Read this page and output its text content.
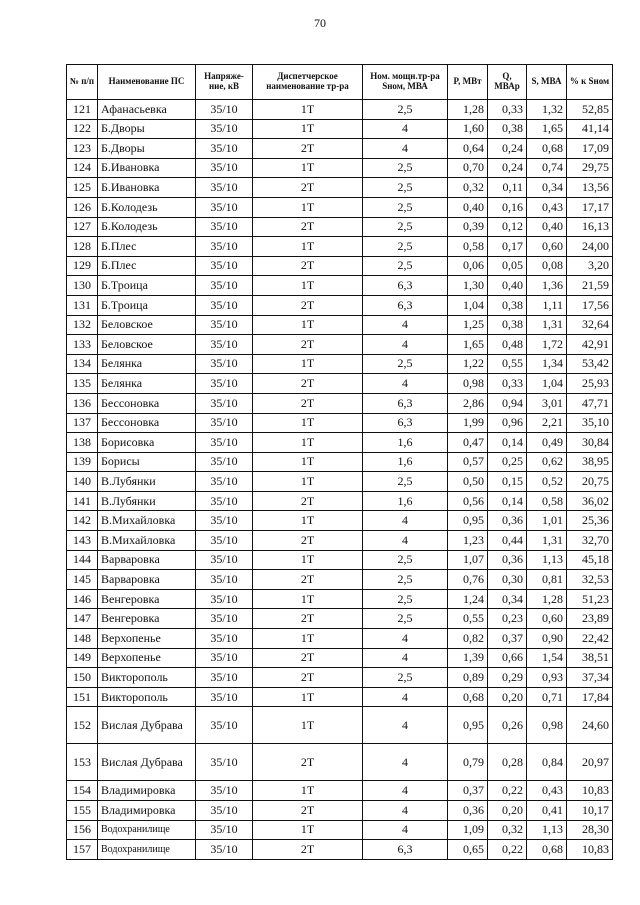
70
№ п/п	Наименование ПС	Напряже-ние, кВ	Диспетчерское наименование тр-ра	Ном. мощн.тр-ра Sном, МВА	P, МВт	Q, МВАр	S, МВА	% к Sном
121	Афанасьевка	35/10	1Т	2,5	1,28	0,33	1,32	52,85
122	Б.Дворы	35/10	1Т	4	1,60	0,38	1,65	41,14
123	Б.Дворы	35/10	2Т	4	0,64	0,24	0,68	17,09
124	Б.Ивановка	35/10	1Т	2,5	0,70	0,24	0,74	29,75
125	Б.Ивановка	35/10	2Т	2,5	0,32	0,11	0,34	13,56
126	Б.Колодезь	35/10	1Т	2,5	0,40	0,16	0,43	17,17
127	Б.Колодезь	35/10	2Т	2,5	0,39	0,12	0,40	16,13
128	Б.Плес	35/10	1Т	2,5	0,58	0,17	0,60	24,00
129	Б.Плес	35/10	2Т	2,5	0,06	0,05	0,08	3,20
130	Б.Троица	35/10	1Т	6,3	1,30	0,40	1,36	21,59
131	Б.Троица	35/10	2Т	6,3	1,04	0,38	1,11	17,56
132	Беловское	35/10	1Т	4	1,25	0,38	1,31	32,64
133	Беловское	35/10	2Т	4	1,65	0,48	1,72	42,91
134	Белянка	35/10	1Т	2,5	1,22	0,55	1,34	53,42
135	Белянка	35/10	2Т	4	0,98	0,33	1,04	25,93
136	Бессоновка	35/10	2Т	6,3	2,86	0,94	3,01	47,71
137	Бессоновка	35/10	1Т	6,3	1,99	0,96	2,21	35,10
138	Борисовка	35/10	1Т	1,6	0,47	0,14	0,49	30,84
139	Борисы	35/10	1Т	1,6	0,57	0,25	0,62	38,95
140	В.Лубянки	35/10	1Т	2,5	0,50	0,15	0,52	20,75
141	В.Лубянки	35/10	2Т	1,6	0,56	0,14	0,58	36,02
142	В.Михайловка	35/10	1Т	4	0,95	0,36	1,01	25,36
143	В.Михайловка	35/10	2Т	4	1,23	0,44	1,31	32,70
144	Варваровка	35/10	1Т	2,5	1,07	0,36	1,13	45,18
145	Варваровка	35/10	2Т	2,5	0,76	0,30	0,81	32,53
146	Венгеровка	35/10	1Т	2,5	1,24	0,34	1,28	51,23
147	Венгеровка	35/10	2Т	2,5	0,55	0,23	0,60	23,89
148	Верхопенье	35/10	1Т	4	0,82	0,37	0,90	22,42
149	Верхопенье	35/10	2Т	4	1,39	0,66	1,54	38,51
150	Викторополь	35/10	2Т	2,5	0,89	0,29	0,93	37,34
151	Викторополь	35/10	1Т	4	0,68	0,20	0,71	17,84
152	Вислая Дубрава	35/10	1Т	4	0,95	0,26	0,98	24,60
153	Вислая Дубрава	35/10	2Т	4	0,79	0,28	0,84	20,97
154	Владимировка	35/10	1Т	4	0,37	0,22	0,43	10,83
155	Владимировка	35/10	2Т	4	0,36	0,20	0,41	10,17
156	Водохранилище	35/10	1Т	4	1,09	0,32	1,13	28,30
157	Водохранилище	35/10	2Т	6,3	0,65	0,22	0,68	10,83
